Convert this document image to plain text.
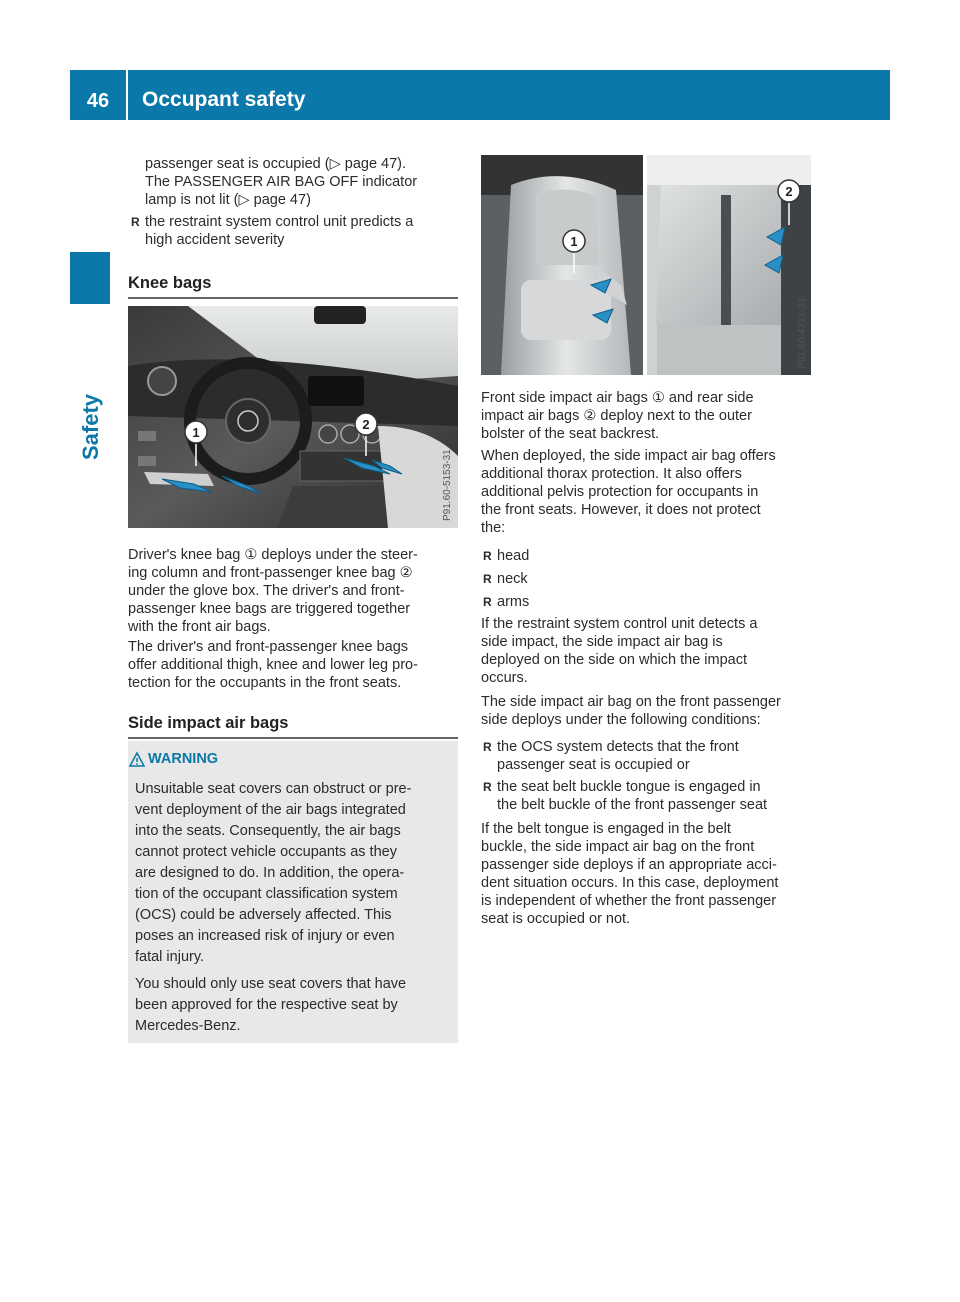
46	Occupant safety
Safety
passenger seat is occupied (▷ page 47).
The PASSENGER AIR BAG OFF indicator
lamp is not lit (▷ page 47)
R the restraint system control unit predicts a
high accident severity
Knee bags
1
2
P91.60-5153-31
Driver's knee bag ① deploys under the steer-
ing column and front-passenger knee bag ②
under the glove box. The driver's and front-
passenger knee bags are triggered together
with the front air bags.
The driver's and front-passenger knee bags
offer additional thigh, knee and lower leg pro-
tection for the occupants in the front seats.
Side impact air bags
WARNING
Unsuitable seat covers can obstruct or pre-
vent deployment of the air bags integrated
into the seats. Consequently, the air bags
cannot protect vehicle occupants as they
are designed to do. In addition, the opera-
tion of the occupant classification system
(OCS) could be adversely affected. This
poses an increased risk of injury or even
fatal injury.
You should only use seat covers that have
been approved for the respective seat by
Mercedes-Benz.
1
2
P91.60-4717-31
Front side impact air bags ① and rear side
impact air bags ② deploy next to the outer
bolster of the seat backrest.
When deployed, the side impact air bag offers
additional thorax protection. It also offers
additional pelvis protection for occupants in
the front seats. However, it does not protect
the:
R head
R neck
R arms
If the restraint system control unit detects a
side impact, the side impact air bag is
deployed on the side on which the impact
occurs.
The side impact air bag on the front passenger
side deploys under the following conditions:
R the OCS system detects that the front
passenger seat is occupied or
R the seat belt buckle tongue is engaged in
the belt buckle of the front passenger seat
If the belt tongue is engaged in the belt
buckle, the side impact air bag on the front
passenger side deploys if an appropriate acci-
dent situation occurs. In this case, deployment
is independent of whether the front passenger
seat is occupied or not.
